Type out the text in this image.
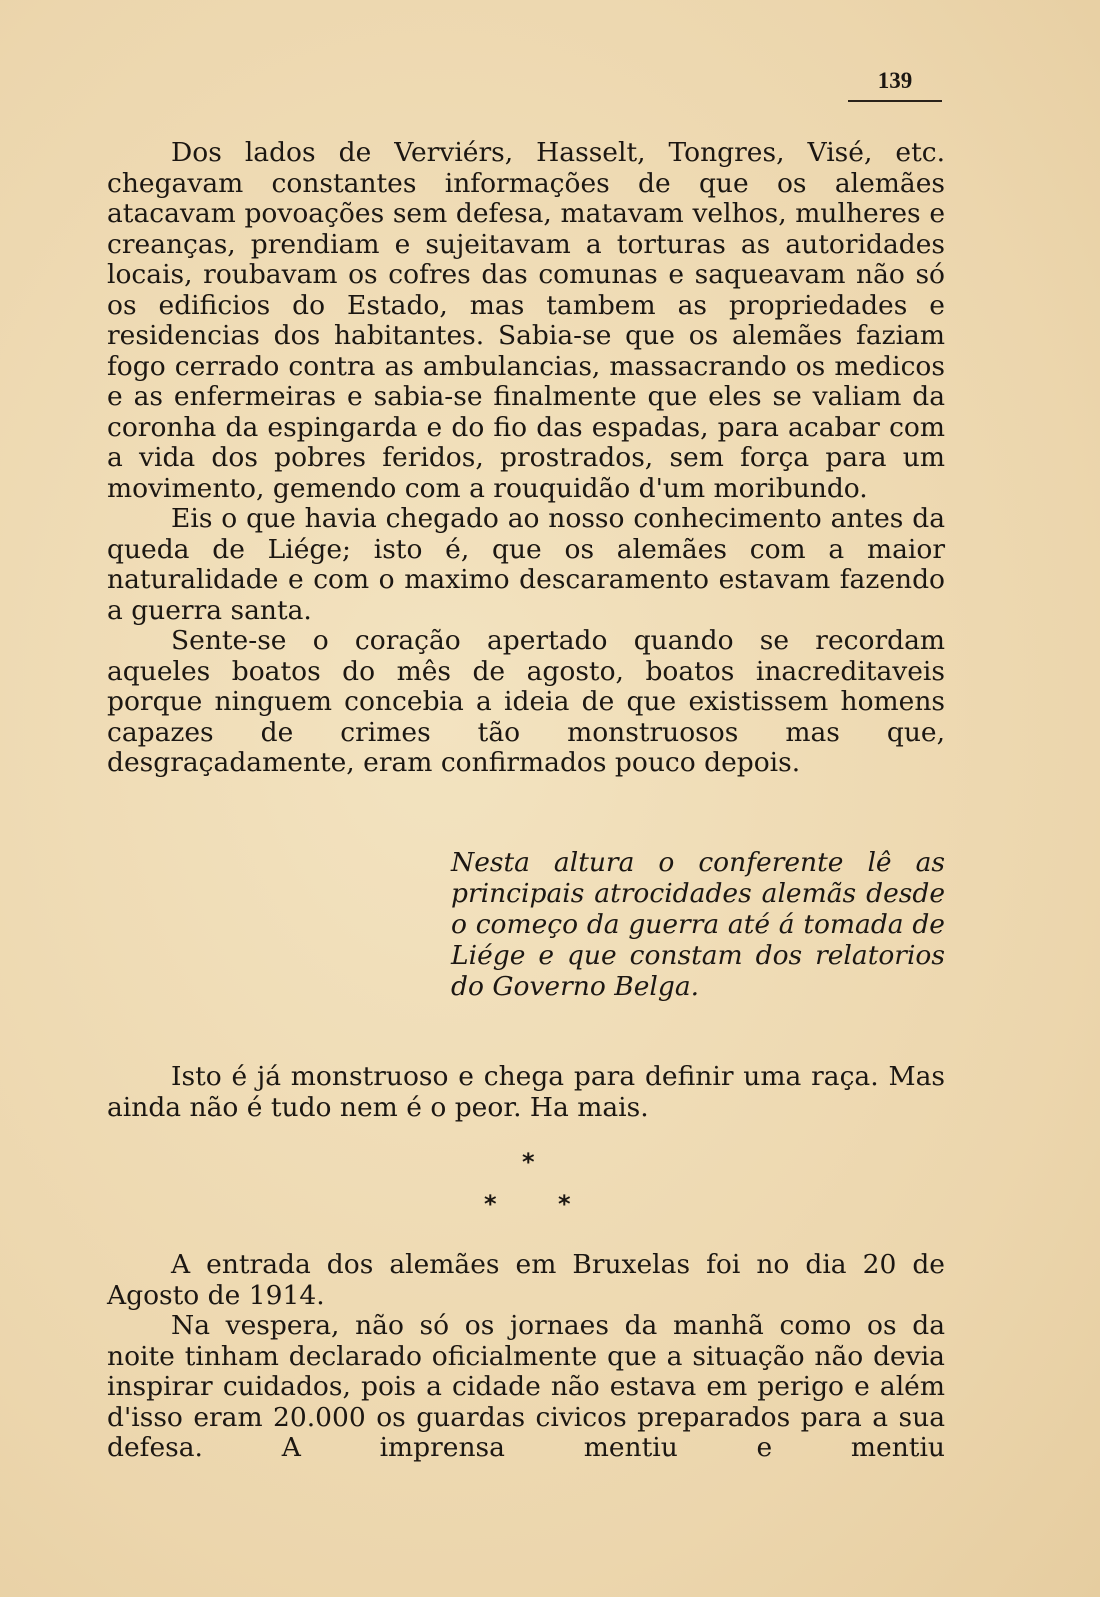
139

Dos lados de Verviérs, Hasselt, Tongres, Visé, etc. chegavam constantes informações de que os alemães atacavam povoações sem defesa, matavam velhos, mulheres e creanças, prendiam e sujeitavam a torturas as autoridades locais, roubavam os cofres das comunas e saqueavam não só os edificios do Estado, mas tambem as propriedades e residencias dos habitantes. Sabia-se que os alemães faziam fogo cerrado contra as ambulancias, massacrando os medicos e as enfermeiras e sabia-se finalmente que eles se valiam da coronha da espingarda e do fio das espadas, para acabar com a vida dos pobres feridos, prostrados, sem força para um movimento, gemendo com a rouquidão d'um moribundo.

Eis o que havia chegado ao nosso conhecimento antes da queda de Liége; isto é, que os alemães com a maior naturalidade e com o maximo descaramento estavam fazendo a guerra santa.

Sente-se o coração apertado quando se recordam aqueles boatos do mês de agosto, boatos inacreditaveis porque ninguem concebia a ideia de que existissem homens capazes de crimes tão monstruosos mas que, desgraçadamente, eram confirmados pouco depois.

Nesta altura o conferente lê as principais atrocidades alemãs desde o começo da guerra até á tomada de Liége e que constam dos relatorios do Governo Belga.

Isto é já monstruoso e chega para definir uma raça. Mas ainda não é tudo nem é o peor. Ha mais.

*
*	*

A entrada dos alemães em Bruxelas foi no dia 20 de Agosto de 1914.

Na vespera, não só os jornaes da manhã como os da noite tinham declarado oficialmente que a situação não devia inspirar cuidados, pois a cidade não estava em perigo e além d'isso eram 20.000 os guardas civicos preparados para a sua defesa. A imprensa mentiu e mentiu
